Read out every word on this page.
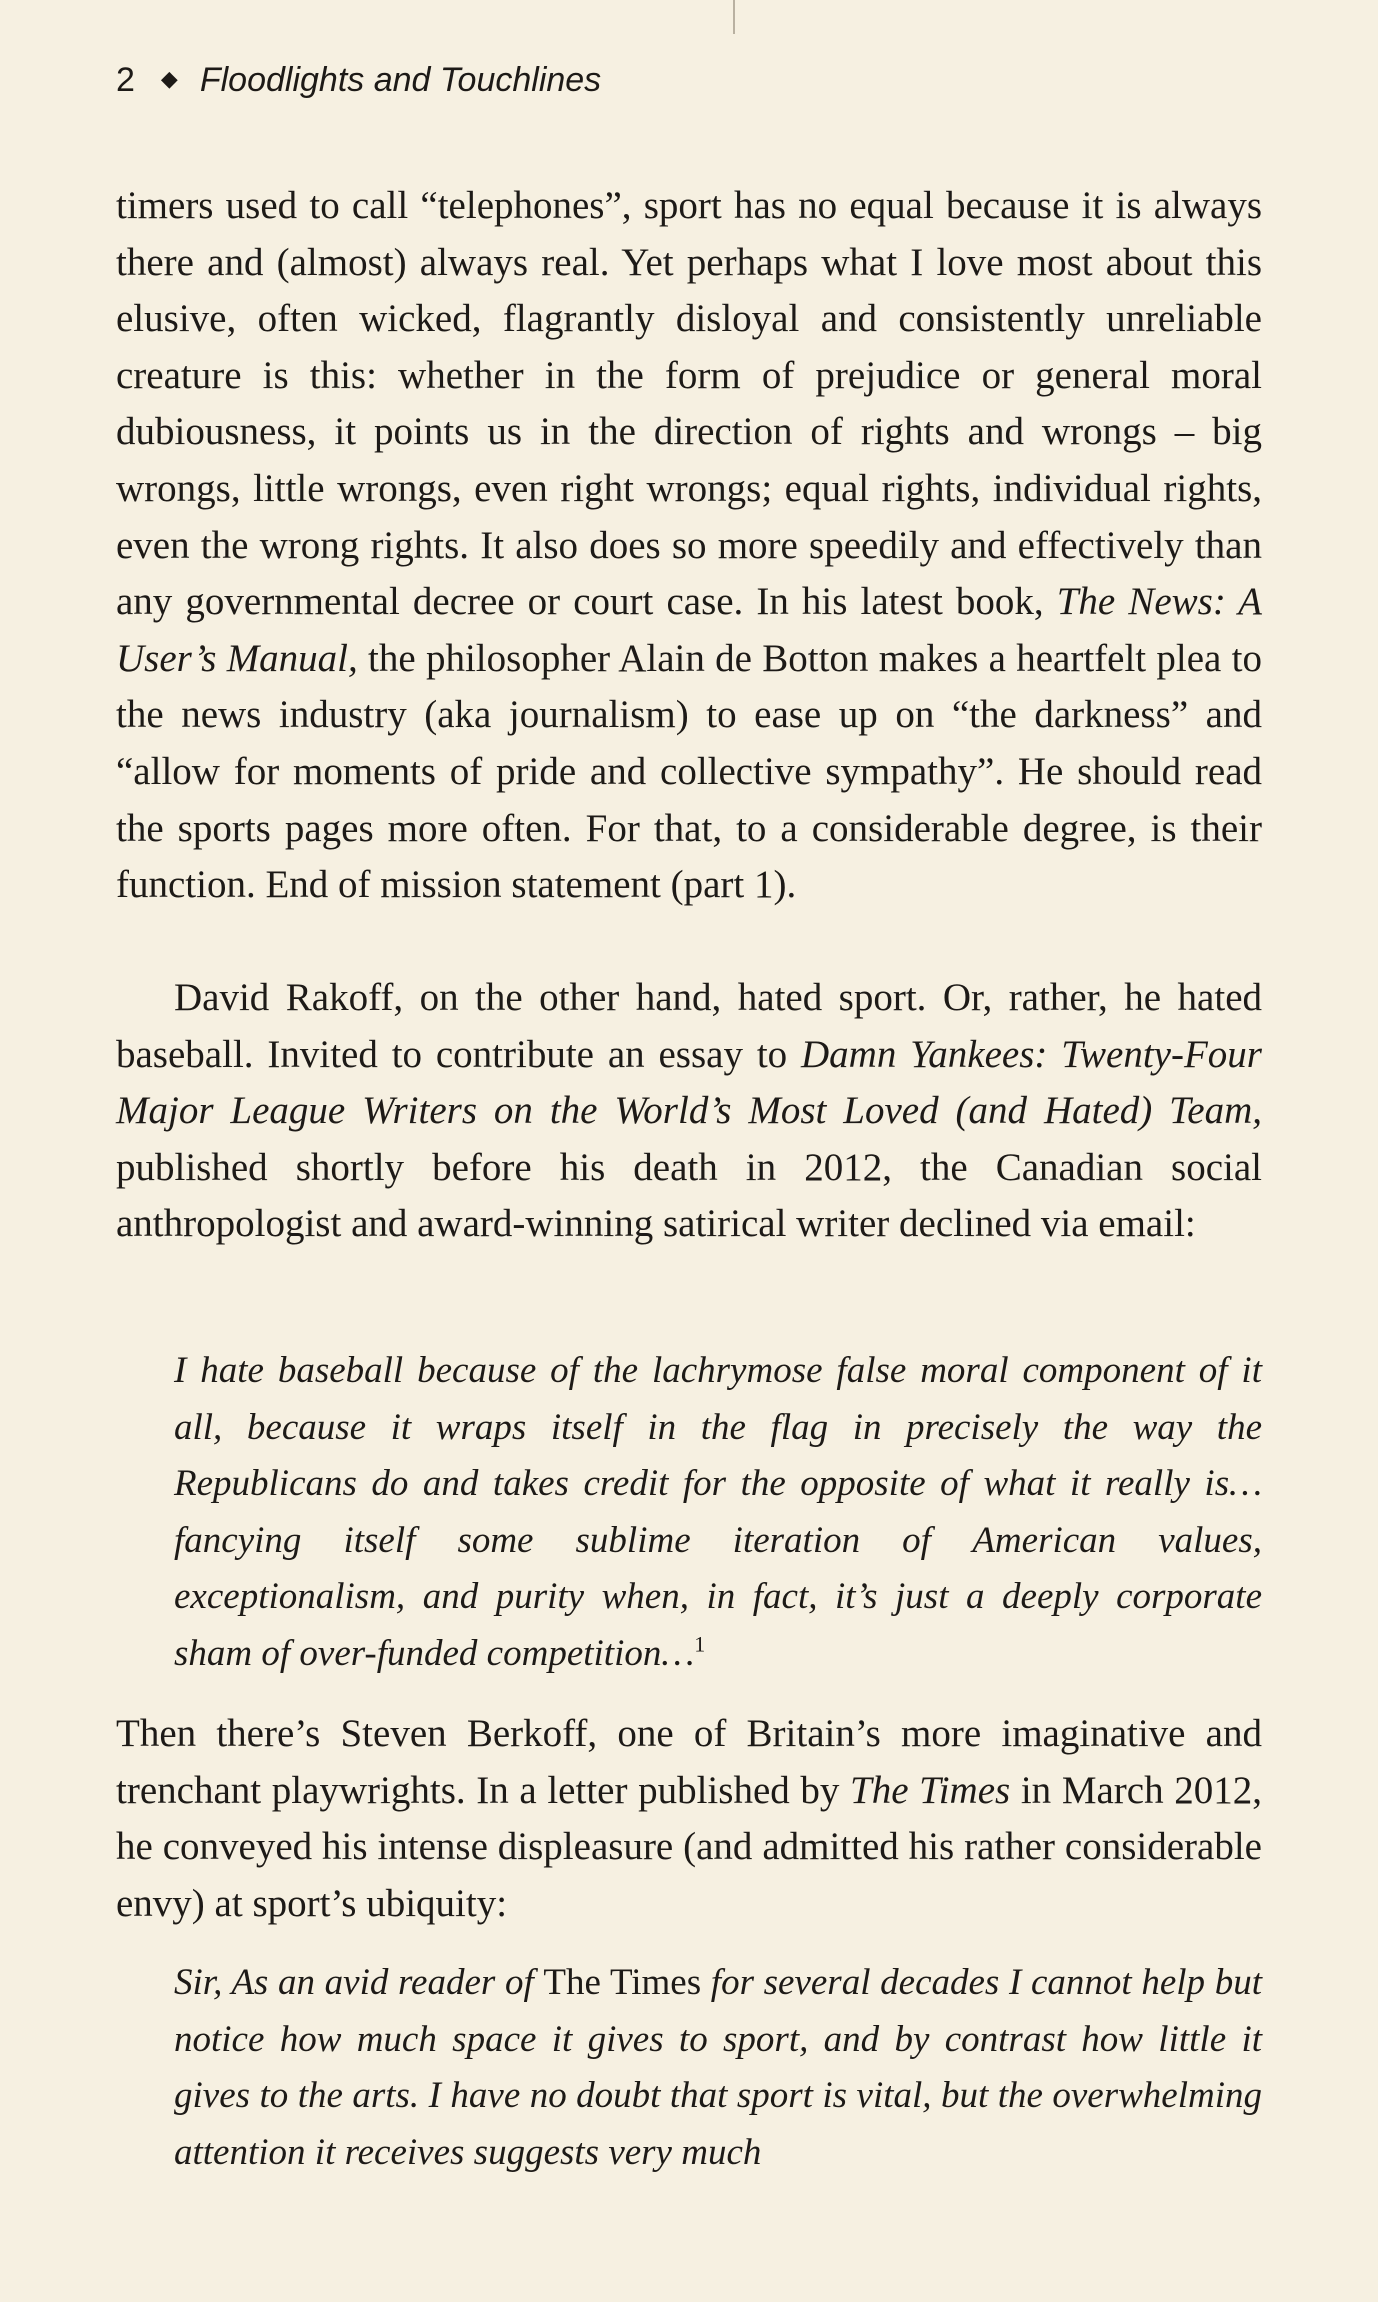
2 ◆ Floodlights and Touchlines

timers used to call “telephones”, sport has no equal because it is always there and (almost) always real. Yet perhaps what I love most about this elusive, often wicked, flagrantly disloyal and consistently unreliable creature is this: whether in the form of prejudice or general moral dubiousness, it points us in the direction of rights and wrongs – big wrongs, little wrongs, even right wrongs; equal rights, individual rights, even the wrong rights. It also does so more speedily and effectively than any governmental decree or court case. In his latest book, The News: A User’s Manual, the philosopher Alain de Botton makes a heartfelt plea to the news industry (aka journalism) to ease up on “the darkness” and “allow for moments of pride and collective sympathy”. He should read the sports pages more often. For that, to a considerable degree, is their function. End of mission statement (part 1).

David Rakoff, on the other hand, hated sport. Or, rather, he hated baseball. Invited to contribute an essay to Damn Yankees: Twenty-Four Major League Writers on the World’s Most Loved (and Hated) Team, published shortly before his death in 2012, the Canadian social anthropologist and award-winning satirical writer declined via email:

I hate baseball because of the lachrymose false moral component of it all, because it wraps itself in the flag in precisely the way the Republicans do and takes credit for the opposite of what it really is… fancying itself some sublime iteration of American values, exceptionalism, and purity when, in fact, it’s just a deeply corporate sham of over-funded competition…$^1$

Then there’s Steven Berkoff, one of Britain’s more imaginative and trenchant playwrights. In a letter published by The Times in March 2012, he conveyed his intense displeasure (and admitted his rather considerable envy) at sport’s ubiquity:

Sir, As an avid reader of The Times for several decades I cannot help but notice how much space it gives to sport, and by contrast how little it gives to the arts. I have no doubt that sport is vital, but the overwhelming attention it receives suggests very much
